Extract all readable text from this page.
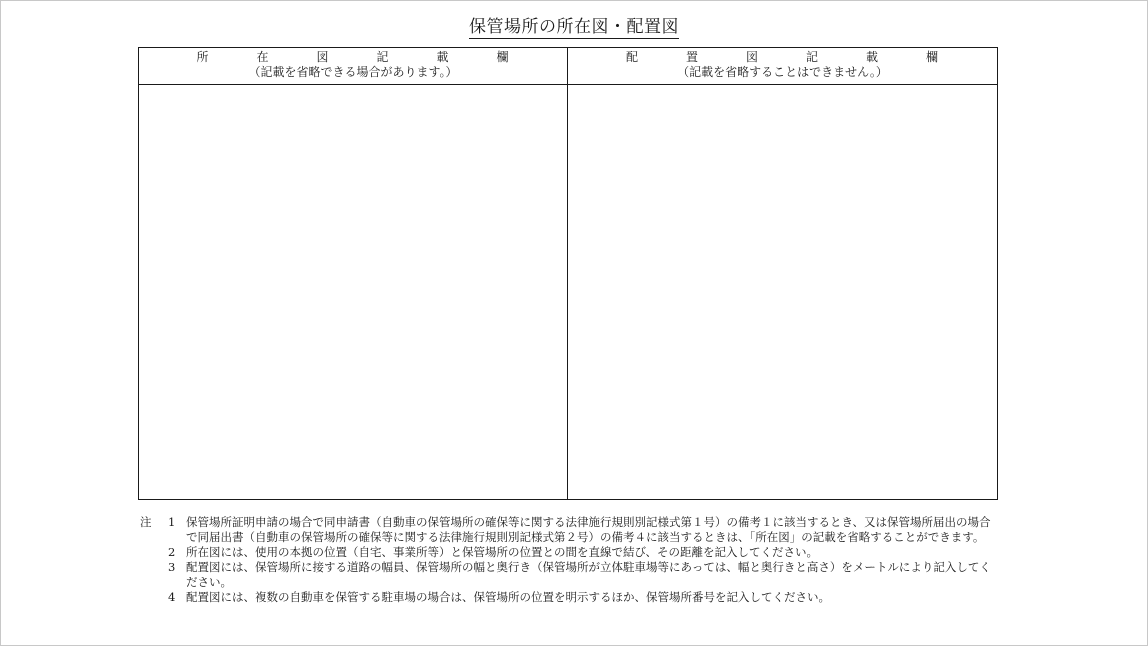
保管場所の所在図・配置図
所	在	図	記	載	欄
（記載を省略できる場合があります。）
配	置	図	記	載	欄
（記載を省略することはできません。）
注	1 保管場所証明申請の場合で同申請書（自動車の保管場所の確保等に関する法律施行規則別記様式第１号）の備考１に該当するとき、又は保管場所届出の場合で同届出書（自動車の保管場所の確保等に関する法律施行規則別記様式第２号）の備考４に該当するときは、「所在図」の記載を省略することができます。
2 所在図には、使用の本拠の位置（自宅、事業所等）と保管場所の位置との間を直線で結び、その距離を記入してください。
3 配置図には、保管場所に接する道路の幅員、保管場所の幅と奥行き（保管場所が立体駐車場等にあっては、幅と奥行きと高さ）をメートルにより記入してください。
4 配置図には、複数の自動車を保管する駐車場の場合は、保管場所の位置を明示するほか、保管場所番号を記入してください。
